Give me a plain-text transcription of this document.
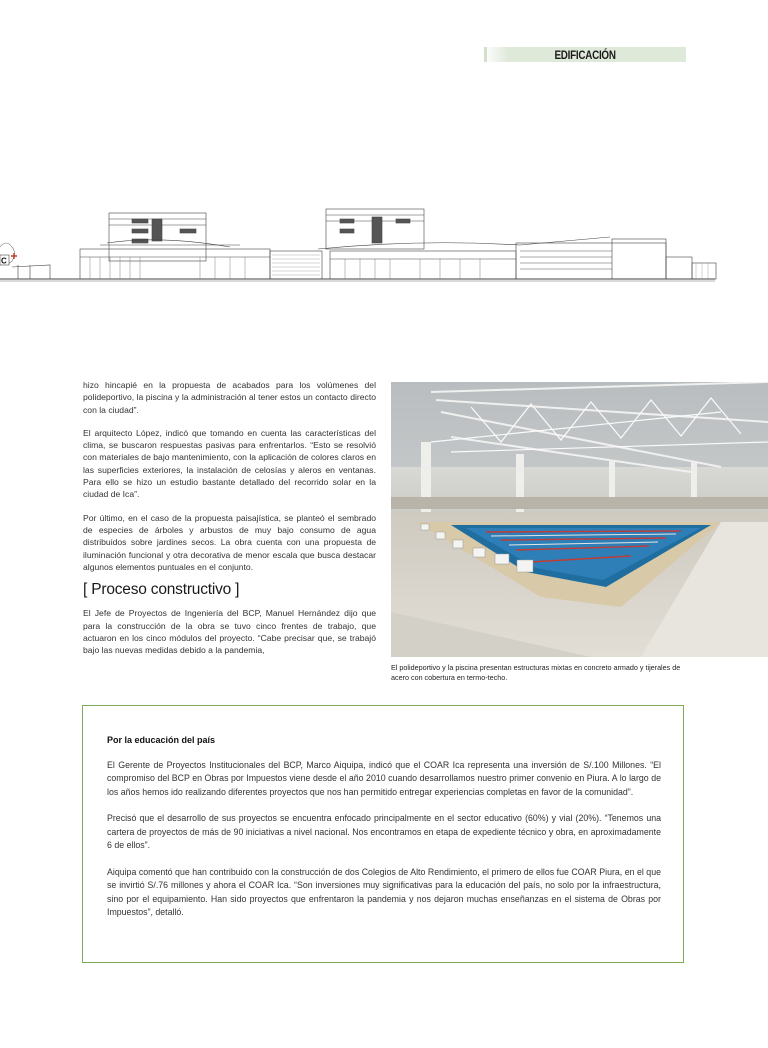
EDIFICACIÓN
C

hizo hincapié en la propuesta de acabados para los volúmenes del polideportivo, la piscina y la administración al tener estos un contacto directo con la ciudad”.

El arquitecto López, indicó que tomando en cuenta las características del clima, se buscaron respuestas pasivas para enfrentarlos. “Esto se resolvió con materiales de bajo mantenimiento, con la aplicación de colores claros en las superficies exteriores, la instalación de celosías y aleros en ventanas. Para ello se hizo un estudio bastante detallado del recorrido solar en la ciudad de Ica”.

Por último, en el caso de la propuesta paisajística, se planteó el sembrado de especies de árboles y arbustos de muy bajo consumo de agua distribuidos sobre jardines secos. La obra cuenta con una propuesta de iluminación funcional y otra decorativa de menor escala que busca destacar algunos elementos puntuales en el conjunto.

[ Proceso constructivo ]

El Jefe de Proyectos de Ingeniería del BCP, Manuel Hernández dijo que para la construcción de la obra se tuvo cinco frentes de trabajo, que actuaron en los cinco módulos del proyecto. “Cabe precisar que, se trabajó bajo las nuevas medidas debido a la pandemia,

El polideportivo y la piscina presentan estructuras mixtas en concreto armado y tijerales de acero con cobertura en termo-techo.
Por la educación del país

El Gerente de Proyectos Institucionales del BCP, Marco Aiquipa, indicó que el COAR Ica representa una inversión de S/.100 Millones. “El compromiso del BCP en Obras por Impuestos viene desde el año 2010 cuando desarrollamos nuestro primer convenio en Piura. A lo largo de los años hemos ido realizando diferentes proyectos que nos han permitido entregar experiencias completas en favor de la comunidad”.

Precisó que el desarrollo de sus proyectos se encuentra enfocado principalmente en el sector educativo (60%) y vial (20%). “Tenemos una cartera de proyectos de más de 90 iniciativas a nivel nacional. Nos encontramos en etapa de expediente técnico y obra, en aproximadamente 6 de ellos”.

Aiquipa comentó que han contribuido con la construcción de dos Colegios de Alto Rendimiento, el primero de ellos fue COAR Piura, en el que se invirtió S/.76 millones y ahora el COAR Ica. “Son inversiones muy significativas para la educación del país, no solo por la infraestructura, sino por el equipamiento. Han sido proyectos que enfrentaron la pandemia y nos dejaron muchas enseñanzas en el sistema de Obras por Impuestos”, detalló.
